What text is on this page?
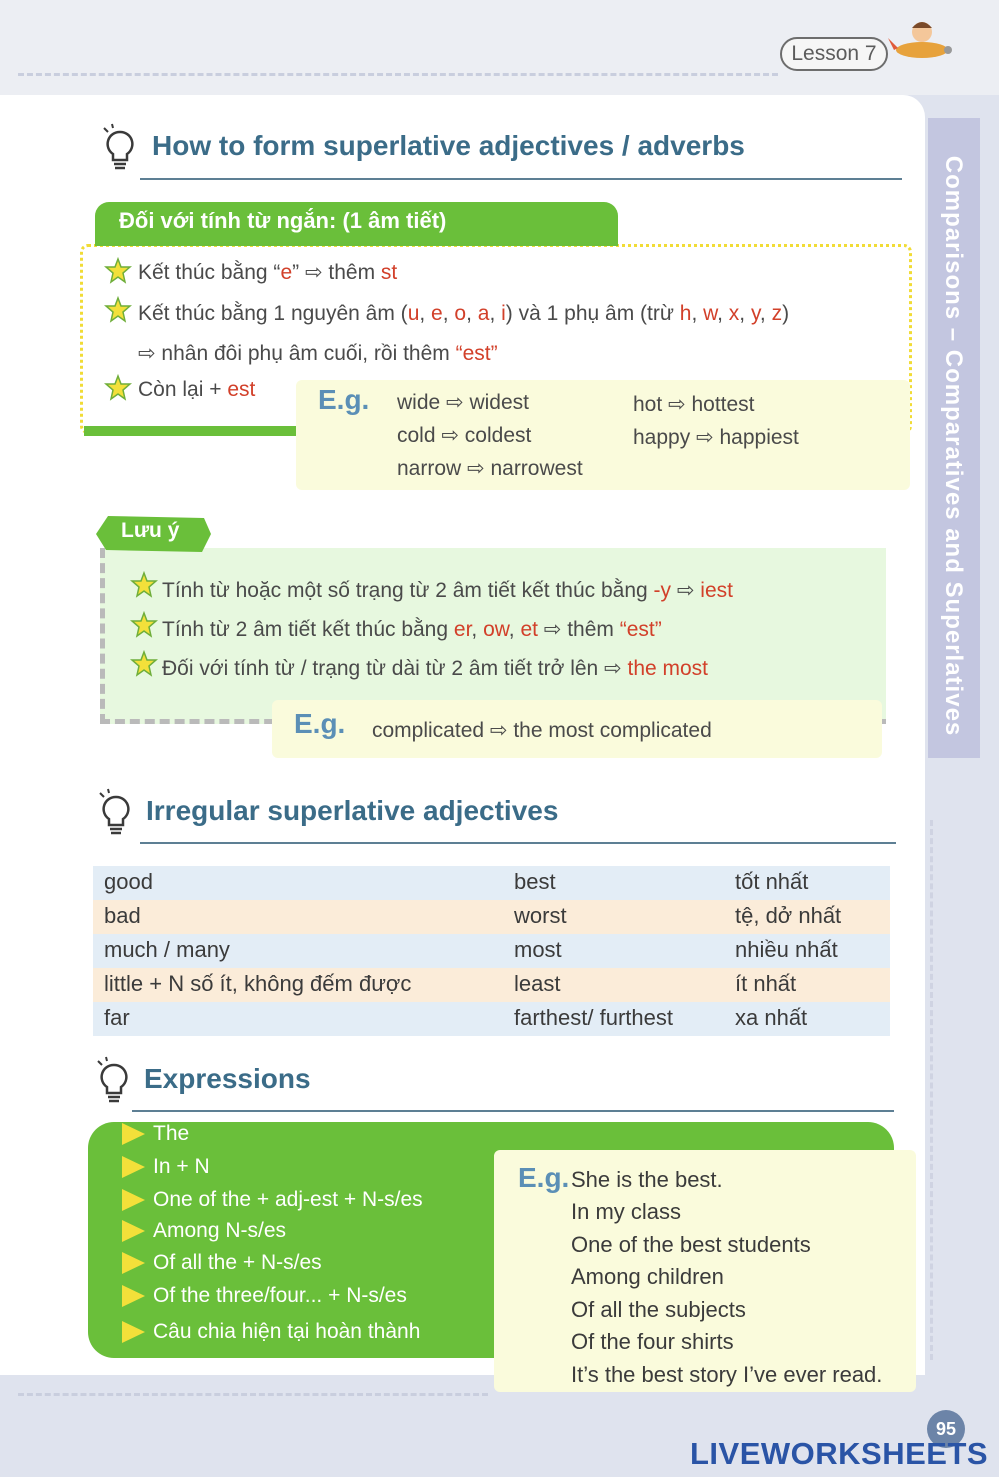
Lesson 7
Comparisons – Comparatives and Superlatives
How to form superlative adjectives / adverbs
Đối với tính từ ngắn: (1 âm tiết)
Kết thúc bằng “e” ⇨ thêm st
Kết thúc bằng 1 nguyên âm (u, e, o, a, i) và 1 phụ âm (trừ h, w, x, y, z)
⇨ nhân đôi phụ âm cuối, rồi thêm “est”
Còn lại + est E.g. wide ⇨ widest
cold ⇨ coldest
narrow ⇨ narrowest
hot ⇨ hottest
happy ⇨ happiest
Lưu ý
Tính từ hoặc một số trạng từ 2 âm tiết kết thúc bằng -y ⇨ iest
Tính từ 2 âm tiết kết thúc bằng er, ow, et ⇨ thêm “est”
Đối với tính từ / trạng từ dài từ 2 âm tiết trở lên ⇨ the most
E.g. complicated ⇨ the most complicated
Irregular superlative adjectives
good	best	tốt nhất
bad	worst	tệ, dở nhất
much / many	most	nhiều nhất
little + N số ít, không đếm được	least	ít nhất
far	farthest/ furthest	xa nhất
Expressions
The
In + N
One of the + adj-est + N-s/es
Among N-s/es
Of all the + N-s/es
Of the three/four... + N-s/es
Câu chia hiện tại hoàn thành
E.g. She is the best.
In my class
One of the best students
Among children
Of all the subjects
Of the four shirts
It’s the best story I’ve ever read.
95
LIVEWORKSHEETS
